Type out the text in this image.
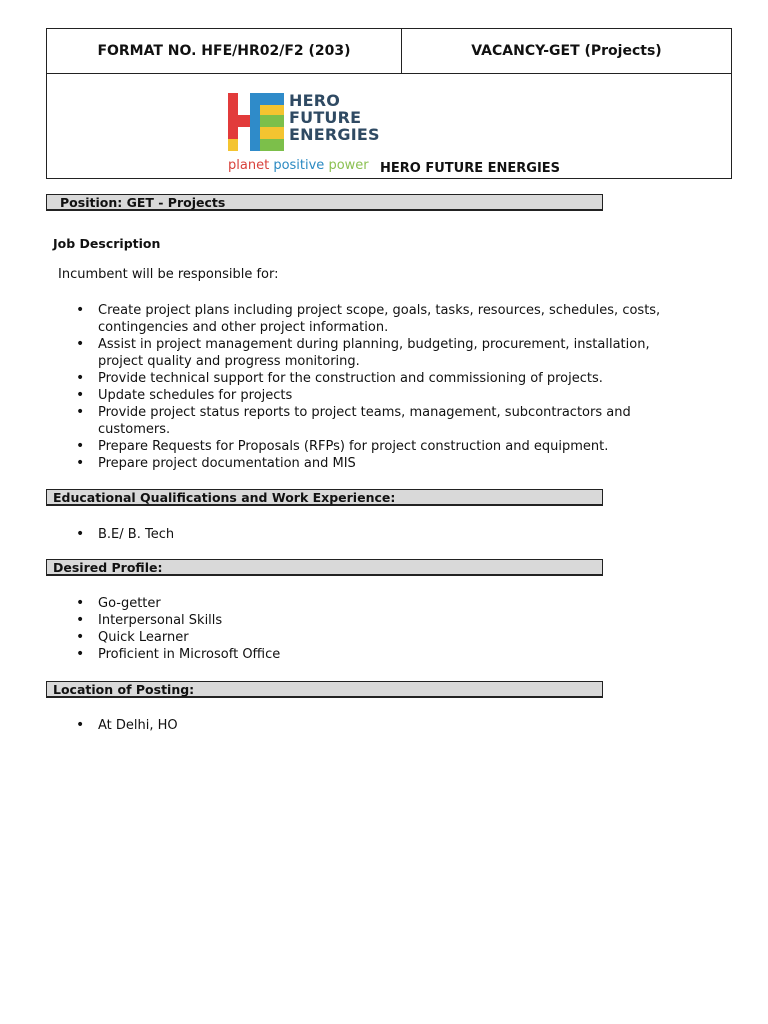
FORMAT NO. HFE/HR02/F2 (203)	VACANCY-GET (Projects)
HERO
FUTURE
ENERGIES
planet positive power HERO FUTURE ENERGIES
Position: GET - Projects
Job Description
Incumbent will be responsible for:
• Create project plans including project scope, goals, tasks, resources, schedules, costs, contingencies and other project information.
• Assist in project management during planning, budgeting, procurement, installation, project quality and progress monitoring.
• Provide technical support for the construction and commissioning of projects.
• Update schedules for projects
• Provide project status reports to project teams, management, subcontractors and customers.
• Prepare Requests for Proposals (RFPs) for project construction and equipment.
• Prepare project documentation and MIS
Educational Qualifications and Work Experience:
• B.E/ B. Tech
Desired Profile:
• Go-getter
• Interpersonal Skills
• Quick Learner
• Proficient in Microsoft Office
Location of Posting:
• At Delhi, HO
